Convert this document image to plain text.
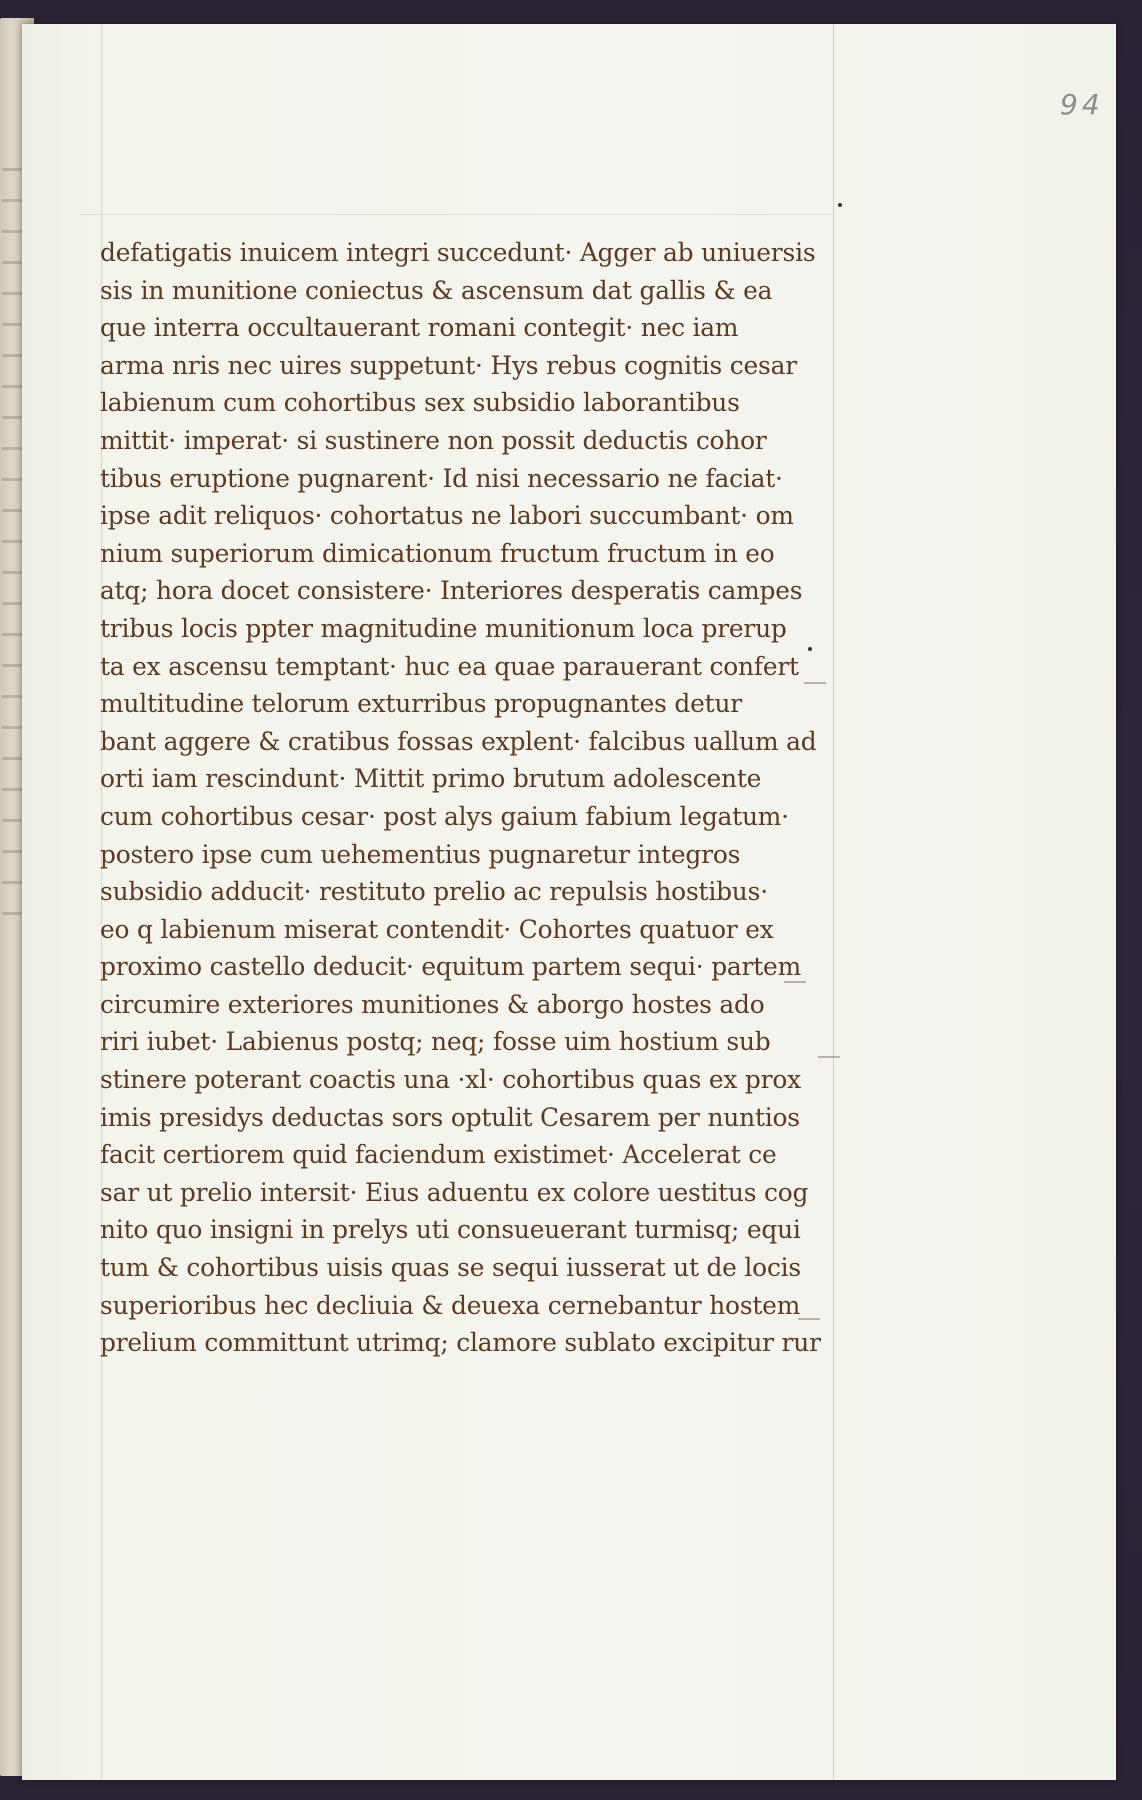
94
defatigatis inuicem integri succedunt· Agger ab uniuersis
sis in munitione coniectus & ascensum dat gallis & ea
que interra occultauerant romani contegit· nec iam
arma nris nec uires suppetunt· Hys rebus cognitis cesar
labienum cum cohortibus sex subsidio laborantibus
mittit· imperat· si sustinere non possit deductis cohor
tibus eruptione pugnarent· Id nisi necessario ne faciat·
ipse adit reliquos· cohortatus ne labori succumbant· om
nium superiorum dimicationum fructum fructum in eo
atq; hora docet consistere· Interiores desperatis campes
tribus locis ppter magnitudine munitionum loca prerup
ta ex ascensu temptant· huc ea quae parauerant confert
multitudine telorum exturribus propugnantes detur
bant aggere & cratibus fossas explent· falcibus uallum ad
orti iam rescindunt· Mittit primo brutum adolescente
cum cohortibus cesar· post alys gaium fabium legatum·
postero ipse cum uehementius pugnaretur integros
subsidio adducit· restituto prelio ac repulsis hostibus·
eo q labienum miserat contendit· Cohortes quatuor ex
proximo castello deducit· equitum partem sequi· partem
circumire exteriores munitiones & aborgo hostes ado
riri iubet· Labienus postq; neq; fosse uim hostium sub
stinere poterant coactis una ·xl· cohortibus quas ex prox
imis presidys deductas sors optulit Cesarem per nuntios
facit certiorem quid faciendum existimet· Accelerat ce
sar ut prelio intersit· Eius aduentu ex colore uestitus cog
nito quo insigni in prelys uti consueuerant turmisq; equi
tum & cohortibus uisis quas se sequi iusserat ut de locis
superioribus hec decliuia & deuexa cernebantur hostem
prelium committunt utrimq; clamore sublato excipitur rur
